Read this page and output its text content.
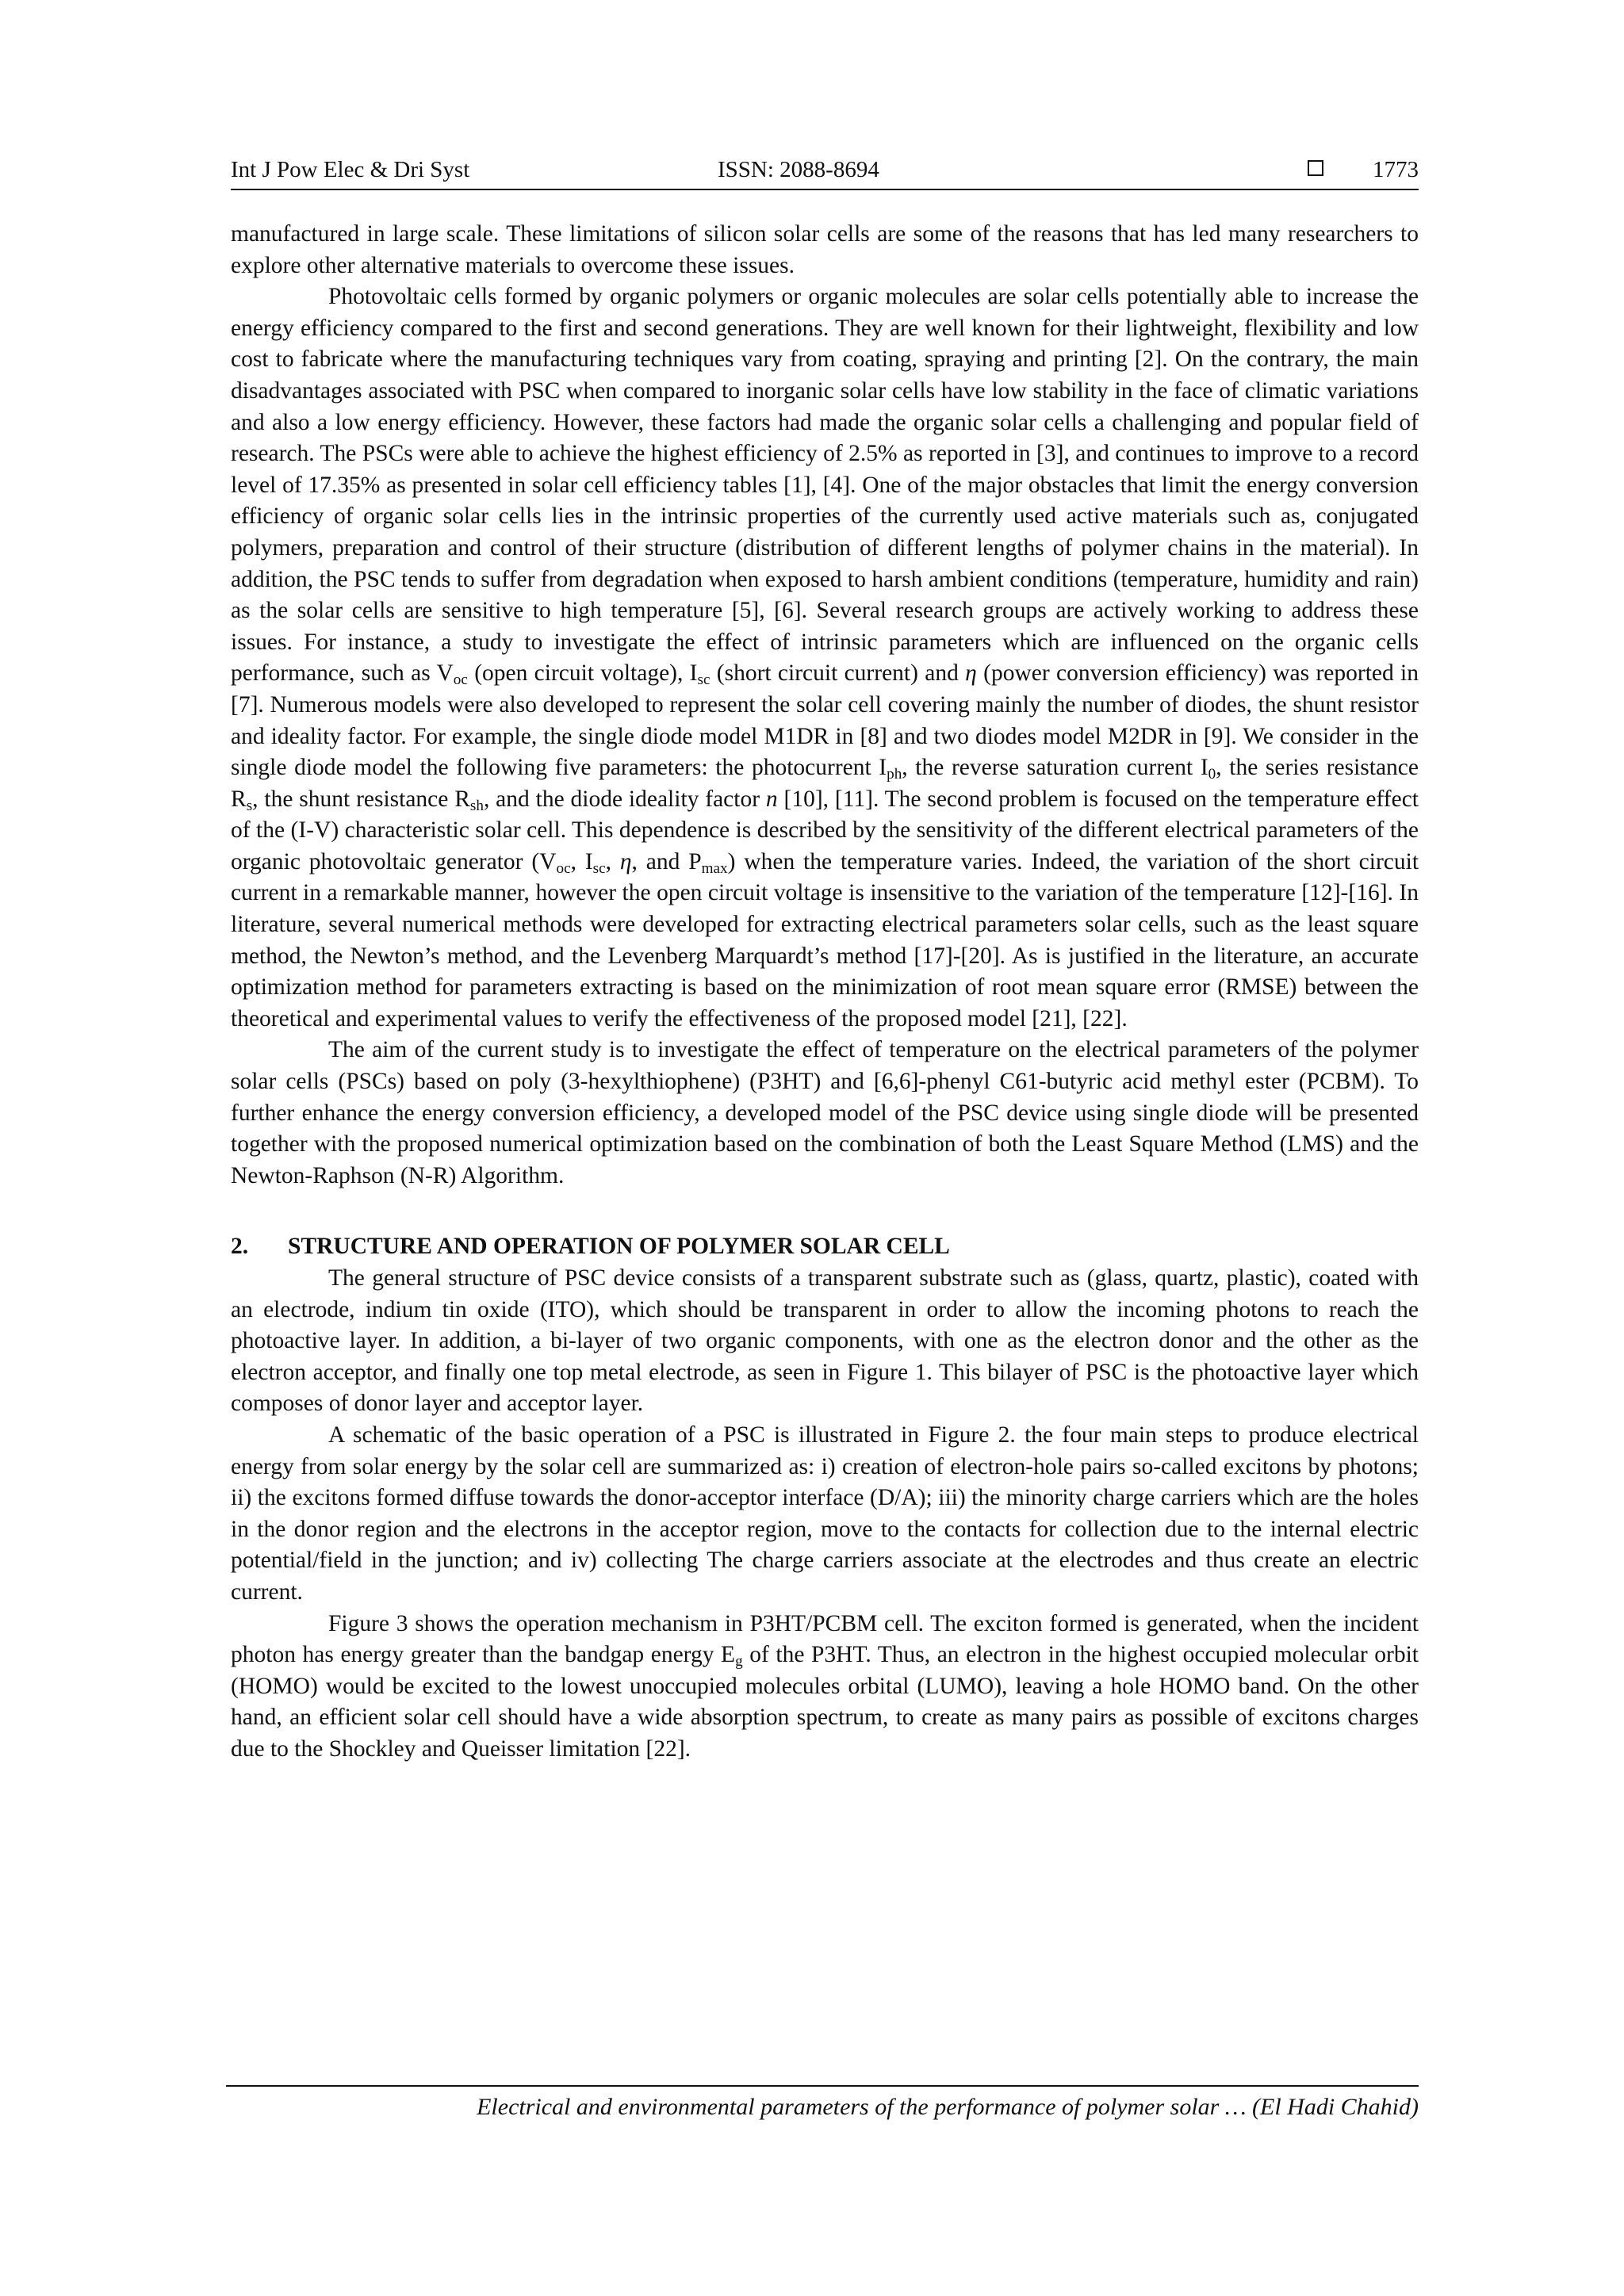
Int J Pow Elec & Dri Syst	ISSN: 2088-8694	1773

manufactured in large scale. These limitations of silicon solar cells are some of the reasons that has led many researchers to explore other alternative materials to overcome these issues.

Photovoltaic cells formed by organic polymers or organic molecules are solar cells potentially able to increase the energy efficiency compared to the first and second generations. They are well known for their lightweight, flexibility and low cost to fabricate where the manufacturing techniques vary from coating, spraying and printing [2]. On the contrary, the main disadvantages associated with PSC when compared to inorganic solar cells have low stability in the face of climatic variations and also a low energy efficiency. However, these factors had made the organic solar cells a challenging and popular field of research. The PSCs were able to achieve the highest efficiency of 2.5% as reported in [3], and continues to improve to a record level of 17.35% as presented in solar cell efficiency tables [1], [4]. One of the major obstacles that limit the energy conversion efficiency of organic solar cells lies in the intrinsic properties of the currently used active materials such as, conjugated polymers, preparation and control of their structure (distribution of different lengths of polymer chains in the material). In addition, the PSC tends to suffer from degradation when exposed to harsh ambient conditions (temperature, humidity and rain) as the solar cells are sensitive to high temperature [5], [6]. Several research groups are actively working to address these issues. For instance, a study to investigate the effect of intrinsic parameters which are influenced on the organic cells performance, such as $V_{oc}$ (open circuit voltage), $I_{sc}$ (short circuit current) and η (power conversion efficiency) was reported in [7]. Numerous models were also developed to represent the solar cell covering mainly the number of diodes, the shunt resistor and ideality factor. For example, the single diode model M1DR in [8] and two diodes model M2DR in [9]. We consider in the single diode model the following five parameters: the photocurrent $I_{ph}$, the reverse saturation current $I_0$, the series resistance $R_s$, the shunt resistance $R_{sh}$, and the diode ideality factor n [10], [11]. The second problem is focused on the temperature effect of the (I-V) characteristic solar cell. This dependence is described by the sensitivity of the different electrical parameters of the organic photovoltaic generator ($V_{oc}$, $I_{sc}$, η, and $P_{max}$) when the temperature varies. Indeed, the variation of the short circuit current in a remarkable manner, however the open circuit voltage is insensitive to the variation of the temperature [12]-[16]. In literature, several numerical methods were developed for extracting electrical parameters solar cells, such as the least square method, the Newton’s method, and the Levenberg Marquardt’s method [17]-[20]. As is justified in the literature, an accurate optimization method for parameters extracting is based on the minimization of root mean square error (RMSE) between the theoretical and experimental values to verify the effectiveness of the proposed model [21], [22].

The aim of the current study is to investigate the effect of temperature on the electrical parameters of the polymer solar cells (PSCs) based on poly (3-hexylthiophene) (P3HT) and [6,6]-phenyl C61-butyric acid methyl ester (PCBM). To further enhance the energy conversion efficiency, a developed model of the PSC device using single diode will be presented together with the proposed numerical optimization based on the combination of both the Least Square Method (LMS) and the Newton-Raphson (N-R) Algorithm.

2. STRUCTURE AND OPERATION OF POLYMER SOLAR CELL

The general structure of PSC device consists of a transparent substrate such as (glass, quartz, plastic), coated with an electrode, indium tin oxide (ITO), which should be transparent in order to allow the incoming photons to reach the photoactive layer. In addition, a bi-layer of two organic components, with one as the electron donor and the other as the electron acceptor, and finally one top metal electrode, as seen in Figure 1. This bilayer of PSC is the photoactive layer which composes of donor layer and acceptor layer.

A schematic of the basic operation of a PSC is illustrated in Figure 2. the four main steps to produce electrical energy from solar energy by the solar cell are summarized as: i) creation of electron-hole pairs so-called excitons by photons; ii) the excitons formed diffuse towards the donor-acceptor interface (D/A); iii) the minority charge carriers which are the holes in the donor region and the electrons in the acceptor region, move to the contacts for collection due to the internal electric potential/field in the junction; and iv) collecting The charge carriers associate at the electrodes and thus create an electric current.

Figure 3 shows the operation mechanism in P3HT/PCBM cell. The exciton formed is generated, when the incident photon has energy greater than the bandgap energy $E_g$ of the P3HT. Thus, an electron in the highest occupied molecular orbit (HOMO) would be excited to the lowest unoccupied molecules orbital (LUMO), leaving a hole HOMO band. On the other hand, an efficient solar cell should have a wide absorption spectrum, to create as many pairs as possible of excitons charges due to the Shockley and Queisser limitation [22].

Electrical and environmental parameters of the performance of polymer solar … (El Hadi Chahid)
